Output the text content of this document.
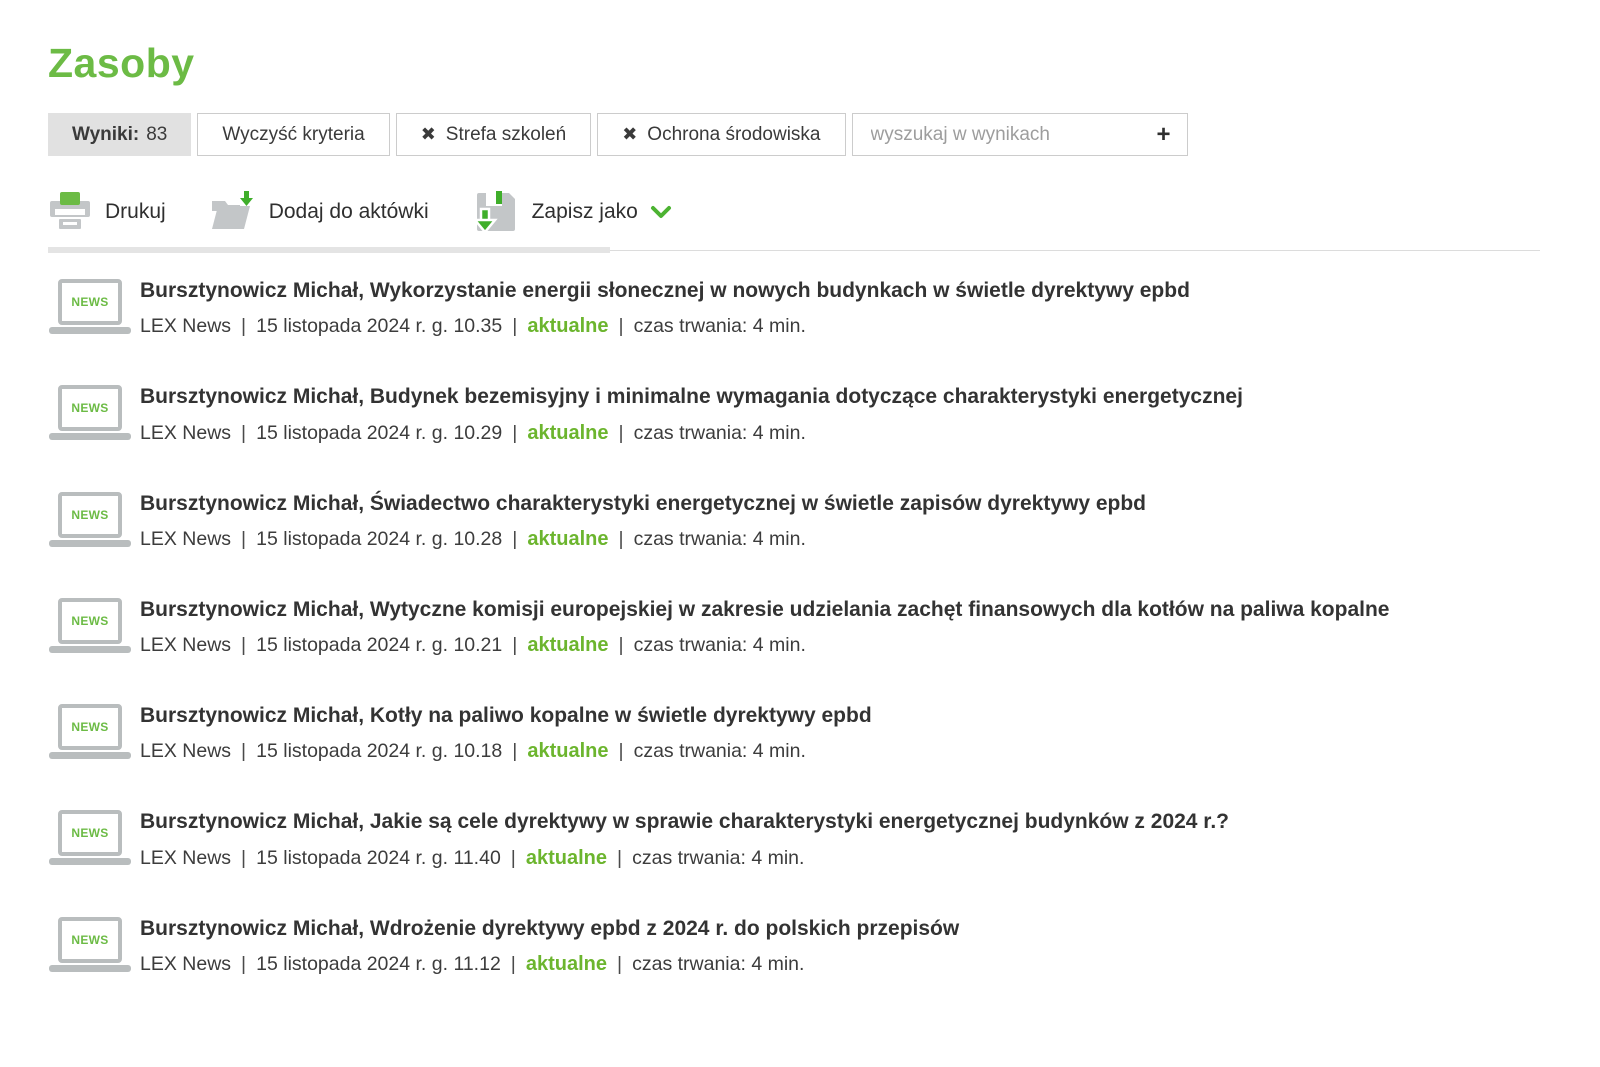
Zasoby
Wyniki: 83	Wyczyść kryteria	✖ Strefa szkoleń	✖ Ochrona środowiska
wyszukaj w wynikach	+
Drukuj	Dodaj do aktówki	Zapisz jako
NEWS Bursztynowicz Michał, Wykorzystanie energii słonecznej w nowych budynkach w świetle dyrektywy epbd
LEX News | 15 listopada 2024 r. g. 10.35 | aktualne | czas trwania: 4 min.
NEWS Bursztynowicz Michał, Budynek bezemisyjny i minimalne wymagania dotyczące charakterystyki energetycznej
LEX News | 15 listopada 2024 r. g. 10.29 | aktualne | czas trwania: 4 min.
NEWS Bursztynowicz Michał, Świadectwo charakterystyki energetycznej w świetle zapisów dyrektywy epbd
LEX News | 15 listopada 2024 r. g. 10.28 | aktualne | czas trwania: 4 min.
NEWS Bursztynowicz Michał, Wytyczne komisji europejskiej w zakresie udzielania zachęt finansowych dla kotłów na paliwa kopalne
LEX News | 15 listopada 2024 r. g. 10.21 | aktualne | czas trwania: 4 min.
NEWS Bursztynowicz Michał, Kotły na paliwo kopalne w świetle dyrektywy epbd
LEX News | 15 listopada 2024 r. g. 10.18 | aktualne | czas trwania: 4 min.
NEWS Bursztynowicz Michał, Jakie są cele dyrektywy w sprawie charakterystyki energetycznej budynków z 2024 r.?
LEX News | 15 listopada 2024 r. g. 11.40 | aktualne | czas trwania: 4 min.
NEWS Bursztynowicz Michał, Wdrożenie dyrektywy epbd z 2024 r. do polskich przepisów
LEX News | 15 listopada 2024 r. g. 11.12 | aktualne | czas trwania: 4 min.
